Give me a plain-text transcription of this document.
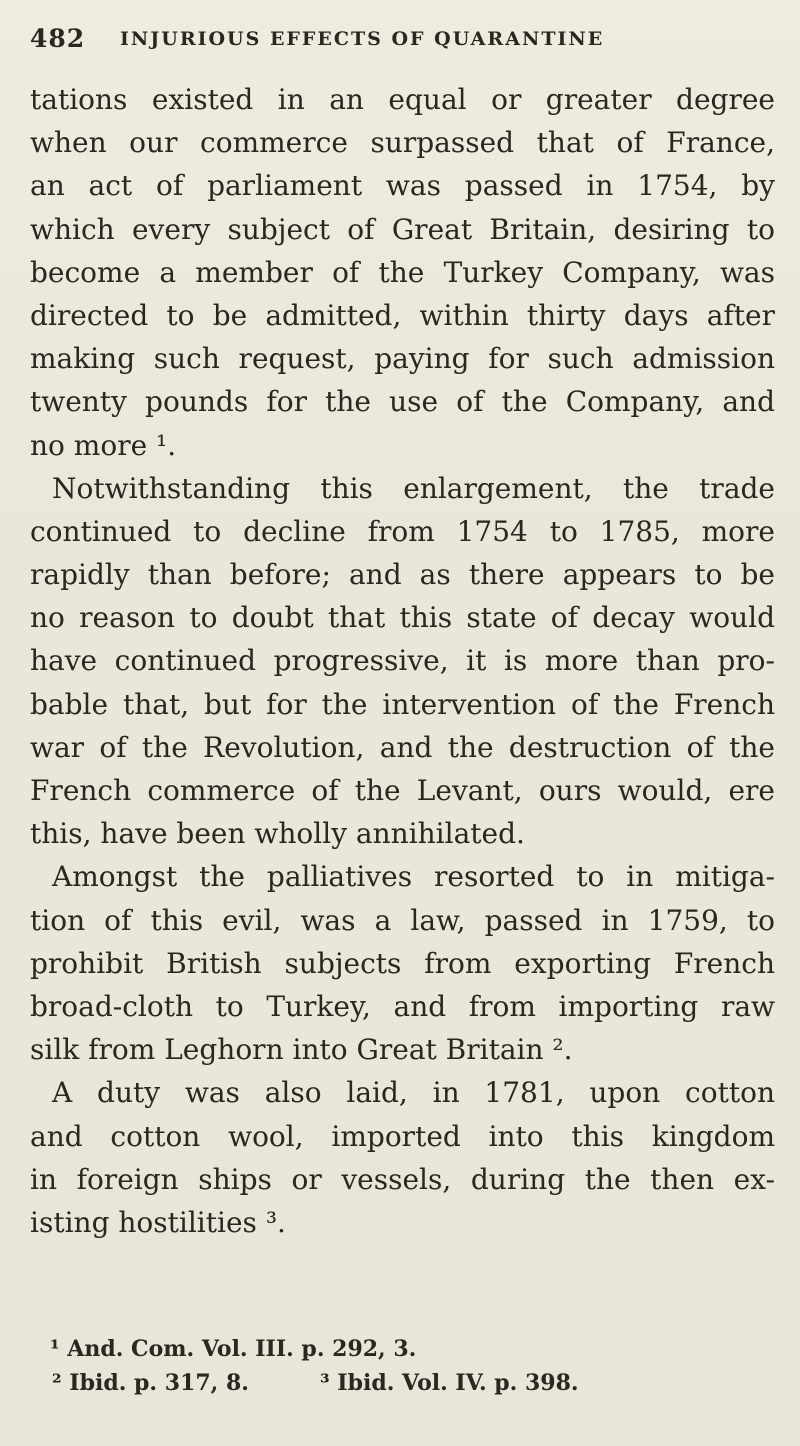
482 INJURIOUS EFFECTS OF QUARANTINE
tations existed in an equal or greater degree
when our commerce surpassed that of France,
an act of parliament was passed in 1754, by
which every subject of Great Britain, desiring to
become a member of the Turkey Company, was
directed to be admitted, within thirty days after
making such request, paying for such admission
twenty pounds for the use of the Company, and
no more ¹.
Notwithstanding this enlargement, the trade
continued to decline from 1754 to 1785, more
rapidly than before; and as there appears to be
no reason to doubt that this state of decay would
have continued progressive, it is more than pro-
bable that, but for the intervention of the French
war of the Revolution, and the destruction of the
French commerce of the Levant, ours would, ere
this, have been wholly annihilated.
Amongst the palliatives resorted to in mitiga-
tion of this evil, was a law, passed in 1759, to
prohibit British subjects from exporting French
broad-cloth to Turkey, and from importing raw
silk from Leghorn into Great Britain ².
A duty was also laid, in 1781, upon cotton
and cotton wool, imported into this kingdom
in foreign ships or vessels, during the then ex-
isting hostilities ³.
¹ And. Com. Vol. III. p. 292, 3.
² Ibid. p. 317, 8.	³ Ibid. Vol. IV. p. 398.
